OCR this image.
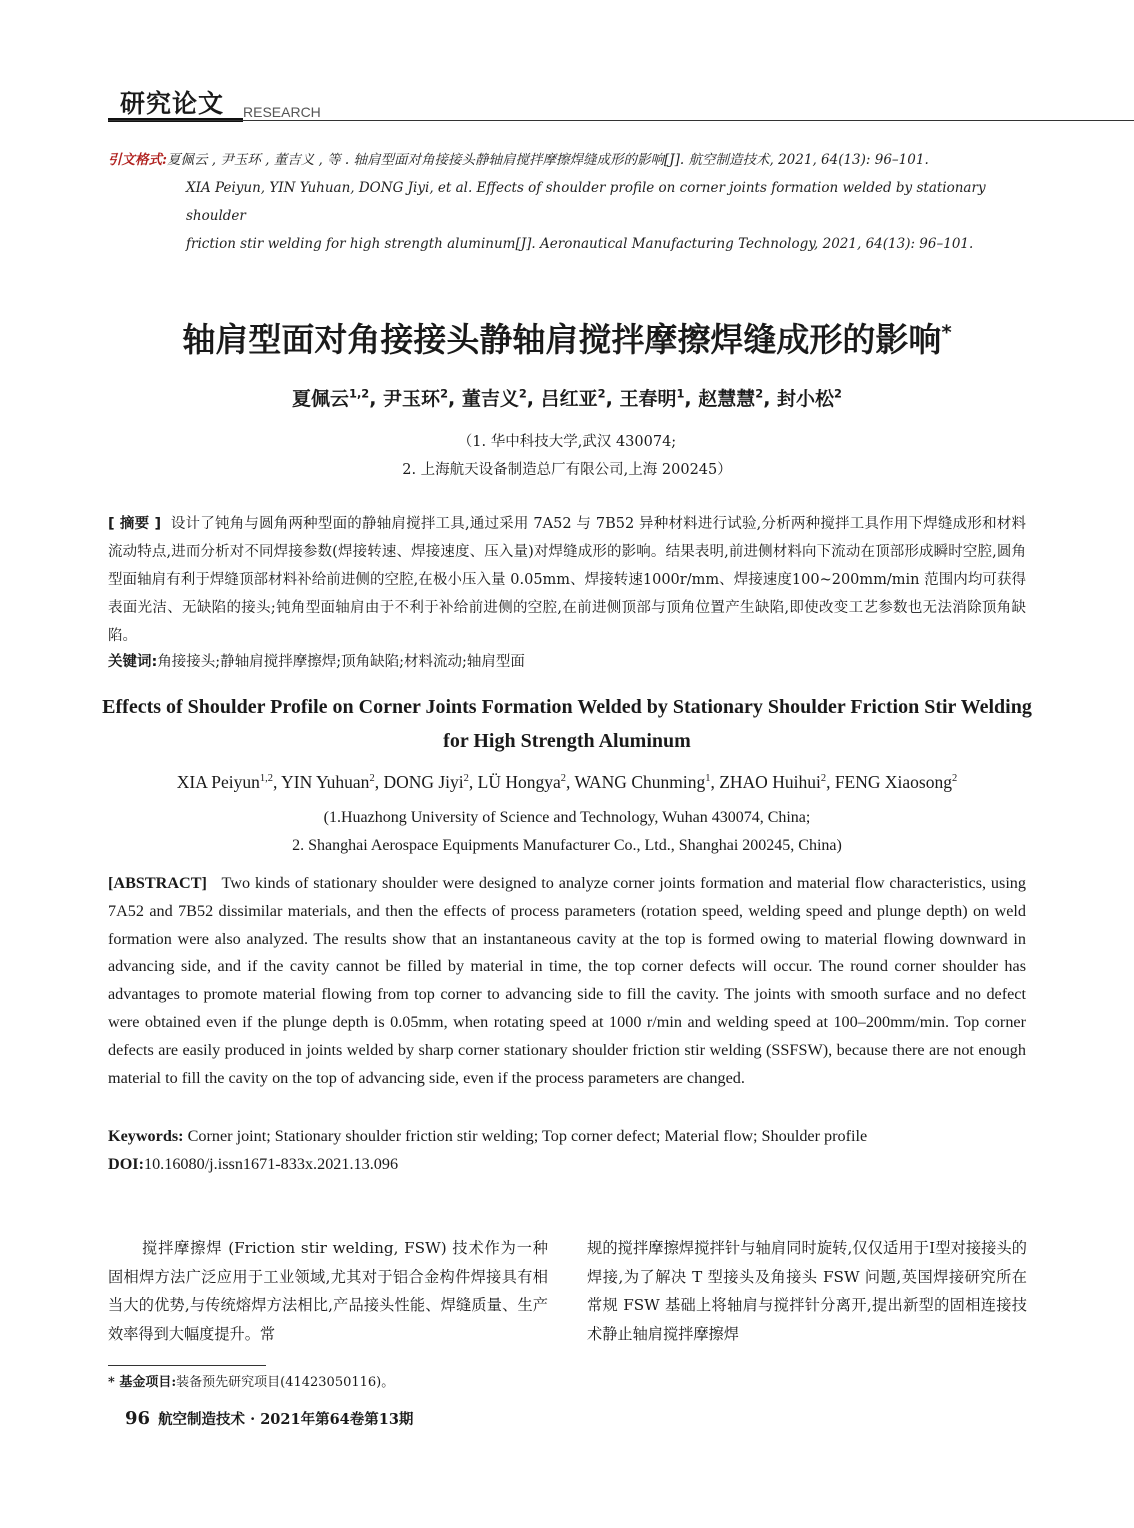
研究论文 RESEARCH
引文格式:夏佩云 , 尹玉环 , 董吉义 , 等 . 轴肩型面对角接接头静轴肩搅拌摩擦焊缝成形的影响[J]. 航空制造技术, 2021, 64(13): 96–101.
XIA Peiyun, YIN Yuhuan, DONG Jiyi, et al. Effects of shoulder profile on corner joints formation welded by stationary shoulder
friction stir welding for high strength aluminum[J]. Aeronautical Manufacturing Technology, 2021, 64(13): 96–101.
轴肩型面对角接接头静轴肩搅拌摩擦焊缝成形的影响*
夏佩云$^{1,2}$, 尹玉环$^2$, 董吉义$^2$, 吕红亚$^2$, 王春明$^1$, 赵慧慧$^2$, 封小松$^2$
（1. 华中科技大学,武汉 430074;
2. 上海航天设备制造总厂有限公司,上海 200245）
[ 摘要 ] 设计了钝角与圆角两种型面的静轴肩搅拌工具,通过采用 7A52 与 7B52 异种材料进行试验,分析两种搅拌工具作用下焊缝成形和材料流动特点,进而分析对不同焊接参数(焊接转速、焊接速度、压入量)对焊缝成形的影响。结果表明,前进侧材料向下流动在顶部形成瞬时空腔,圆角型面轴肩有利于焊缝顶部材料补给前进侧的空腔,在极小压入量 0.05mm、焊接转速1000r/mm、焊接速度100~200mm/min 范围内均可获得表面光洁、无缺陷的接头;钝角型面轴肩由于不利于补给前进侧的空腔,在前进侧顶部与顶角位置产生缺陷,即使改变工艺参数也无法消除顶角缺陷。
关键词:角接接头;静轴肩搅拌摩擦焊;顶角缺陷;材料流动;轴肩型面
Effects of Shoulder Profile on Corner Joints Formation Welded by Stationary Shoulder Friction Stir Welding for High Strength Aluminum
XIA Peiyun$^{1,2}$, YIN Yuhuan$^2$, DONG Jiyi$^2$, LÜ Hongya$^2$, WANG Chunming$^1$, ZHAO Huihui$^2$, FENG Xiaosong$^2$
(1.Huazhong University of Science and Technology, Wuhan 430074, China;
2. Shanghai Aerospace Equipments Manufacturer Co., Ltd., Shanghai 200245, China)
[ABSTRACT] Two kinds of stationary shoulder were designed to analyze corner joints formation and material flow characteristics, using 7A52 and 7B52 dissimilar materials, and then the effects of process parameters (rotation speed, welding speed and plunge depth) on weld formation were also analyzed. The results show that an instantaneous cavity at the top is formed owing to material flowing downward in advancing side, and if the cavity cannot be filled by material in time, the top corner defects will occur. The round corner shoulder has advantages to promote material flowing from top corner to advancing side to fill the cavity. The joints with smooth surface and no defect were obtained even if the plunge depth is 0.05mm, when rotating speed at 1000 r/min and welding speed at 100–200mm/min. Top corner defects are easily produced in joints welded by sharp corner stationary shoulder friction stir welding (SSFSW), because there are not enough material to fill the cavity on the top of advancing side, even if the process parameters are changed.
Keywords: Corner joint; Stationary shoulder friction stir welding; Top corner defect; Material flow; Shoulder profile
DOI:10.16080/j.issn1671-833x.2021.13.096
搅拌摩擦焊 (Friction stir welding, FSW) 技术作为一种固相焊方法广泛应用于工业领域,尤其对于铝合金构件焊接具有相当大的优势,与传统熔焊方法相比,产品接头性能、焊缝质量、生产效率得到大幅度提升。常
规的搅拌摩擦焊搅拌针与轴肩同时旋转,仅仅适用于I型对接接头的焊接,为了解决 T 型接头及角接头 FSW 问题,英国焊接研究所在常规 FSW 基础上将轴肩与搅拌针分离开,提出新型的固相连接技术静止轴肩搅拌摩擦焊
* 基金项目:装备预先研究项目(41423050116)。
96 航空制造技术 · 2021年第64卷第13期
